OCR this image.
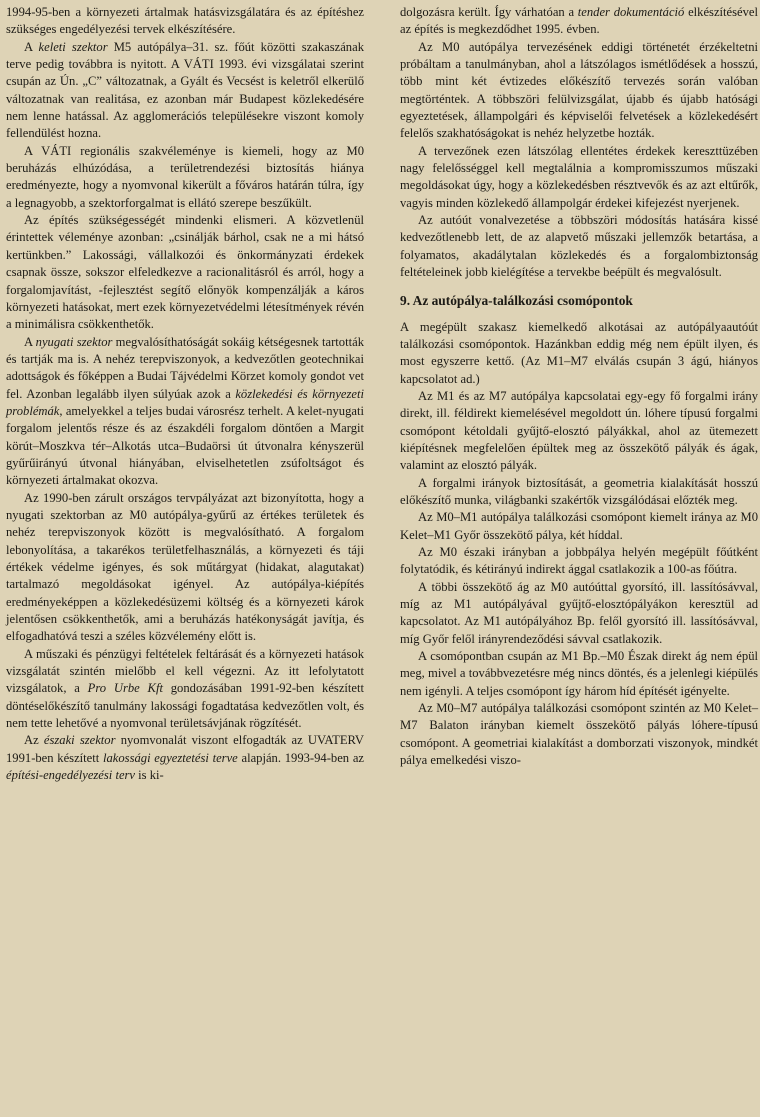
1994-95-ben a környezeti ártalmak hatásvizsgálatára és az építéshez szükséges engedélyezési tervek elkészítésére.

A keleti szektor M5 autópálya–31. sz. főút közötti szakaszának terve pedig továbbra is nyitott. A VÁTI 1993. évi vizsgálatai szerint csupán az Ún. „C” változatnak, a Gyált és Vecsést is keletről elkerülő változatnak van realitása, ez azonban már Budapest közlekedésére nem lenne hatással. Az agglomerációs településekre viszont komoly fellendülést hozna.

A VÁTI regionális szakvéleménye is kiemeli, hogy az M0 beruházás elhúzódása, a területrendezési biztosítás hiánya eredményezte, hogy a nyomvonal kikerült a főváros határán túlra, így a legnagyobb, a szektorforgalmat is ellátó szerepe beszűkült.

Az építés szükségességét mindenki elismeri. A közvetlenül érintettek véleménye azonban: „csinálják bárhol, csak ne a mi hátsó kertünkben.” Lakossági, vállalkozói és önkormányzati érdekek csapnak össze, sokszor elfeledkezve a racionalitásról és arról, hogy a forgalomjavítást, -fejlesztést segítő előnyök kompenzálják a káros környezeti hatásokat, mert ezek környezetvédelmi létesítmények révén a minimálisra csökkenthetők.

A nyugati szektor megvalósíthatóságát sokáig kétségesnek tartották és tartják ma is. A nehéz terepviszonyok, a kedvezőtlen geotechnikai adottságok és főképpen a Budai Tájvédelmi Körzet komoly gondot vet fel. Azonban legalább ilyen súlyúak azok a közlekedési és környezeti problémák, amelyekkel a teljes budai városrész terhelt. A kelet-nyugati forgalom jelentős része és az északdéli forgalom döntően a Margit körút–Moszkva tér–Alkotás utca–Budaörsi út útvonalra kényszerül gyűrűirányú útvonal hiányában, elviselhetetlen zsúfoltságot és környezeti ártalmakat okozva.

Az 1990-ben zárult országos tervpályázat azt bizonyította, hogy a nyugati szektorban az M0 autópálya-gyűrű az értékes területek és nehéz terepviszonyok között is megvalósítható. A forgalom lebonyolítása, a takarékos területfelhasználás, a környezeti és táji értékek védelme igényes, és sok műtárgyat (hidakat, alagutakat) tartalmazó megoldásokat igényel. Az autópálya-kiépítés eredményeképpen a közlekedésüzemi költség és a környezeti károk jelentősen csökkenthetők, ami a beruházás hatékonyságát javítja, és elfogadhatóvá teszi a széles közvélemény előtt is.

A műszaki és pénzügyi feltételek feltárását és a környezeti hatások vizsgálatát szintén mielőbb el kell végezni. Az itt lefolytatott vizsgálatok, a Pro Urbe Kft gondozásában 1991-92-ben készített döntéselőkészítő tanulmány lakossági fogadtatása kedvezőtlen volt, és nem tette lehetővé a nyomvonal területsávjának rögzítését.

Az északi szektor nyomvonalát viszont elfogadták az UVATERV 1991-ben készített lakossági egyeztetési terve alapján. 1993-94-ben az építési-engedélyezési terv is ki-

dolgozásra került. Így várhatóan a tender dokumentáció elkészítésével az építés is megkezdődhet 1995. évben.

Az M0 autópálya tervezésének eddigi történetét érzékeltetni próbáltam a tanulmányban, ahol a látszólagos ismétlődések a hosszú, több mint két évtizedes előkészítő tervezés során valóban megtörténtek. A többszöri felülvizsgálat, újabb és újabb hatósági egyeztetések, állampolgári és képviselői felvetések a közlekedésért felelős szakhatóságokat is nehéz helyzetbe hozták.

A tervezőnek ezen látszólag ellentétes érdekek kereszttüzében nagy felelősséggel kell megtalálnia a kompromisszumos műszaki megoldásokat úgy, hogy a közlekedésben résztvevők és az azt eltűrők, vagyis minden közlekedő állampolgár érdekei kifejezést nyerjenek.

Az autóút vonalvezetése a többszöri módosítás hatására kissé kedvezőtlenebb lett, de az alapvető műszaki jellemzők betartása, a folyamatos, akadálytalan közlekedés és a forgalombiztonság feltételeinek jobb kielégítése a tervekbe beépült és megvalósult.

9. Az autópálya-találkozási csomópontok

A megépült szakasz kiemelkedő alkotásai az autópályaautóút találkozási csomópontok. Hazánkban eddig még nem épült ilyen, és most egyszerre kettő. (Az M1–M7 elválás csupán 3 ágú, hiányos kapcsolatot ad.)

Az M1 és az M7 autópálya kapcsolatai egy-egy fő forgalmi irány direkt, ill. féldirekt kiemelésével megoldott ún. lóhere típusú forgalmi csomópont kétoldali gyűjtő-elosztó pályákkal, ahol az ütemezett kiépítésnek megfelelően épültek meg az összekötő pályák és ágak, valamint az elosztó pályák.

A forgalmi irányok biztosítását, a geometria kialakítását hosszú előkészítő munka, világbanki szakértők vizsgálódásai előzték meg.

Az M0–M1 autópálya találkozási csomópont kiemelt iránya az M0 Kelet–M1 Győr összekötő pálya, két híddal.

Az M0 északi irányban a jobbpálya helyén megépült főútként folytatódik, és kétirányú indirekt ággal csatlakozik a 100-as főútra.

A többi összekötő ág az M0 autóúttal gyorsító, ill. lassítósávval, míg az M1 autópályával gyűjtő-elosztópályákon keresztül ad kapcsolatot. Az M1 autópályához Bp. felől gyorsító ill. lassítósávval, míg Győr felől irányrendeződési sávval csatlakozik.

A csomópontban csupán az M1 Bp.–M0 Észak direkt ág nem épül meg, mivel a továbbvezetésre még nincs döntés, és a jelenlegi kiépülés nem igényli. A teljes csomópont így három híd építését igényelte.

Az M0–M7 autópálya találkozási csomópont szintén az M0 Kelet–M7 Balaton irányban kiemelt összekötő pályás lóhere-típusú csomópont. A geometriai kialakítást a domborzati viszonyok, mindkét pálya emelkedési viszo-
